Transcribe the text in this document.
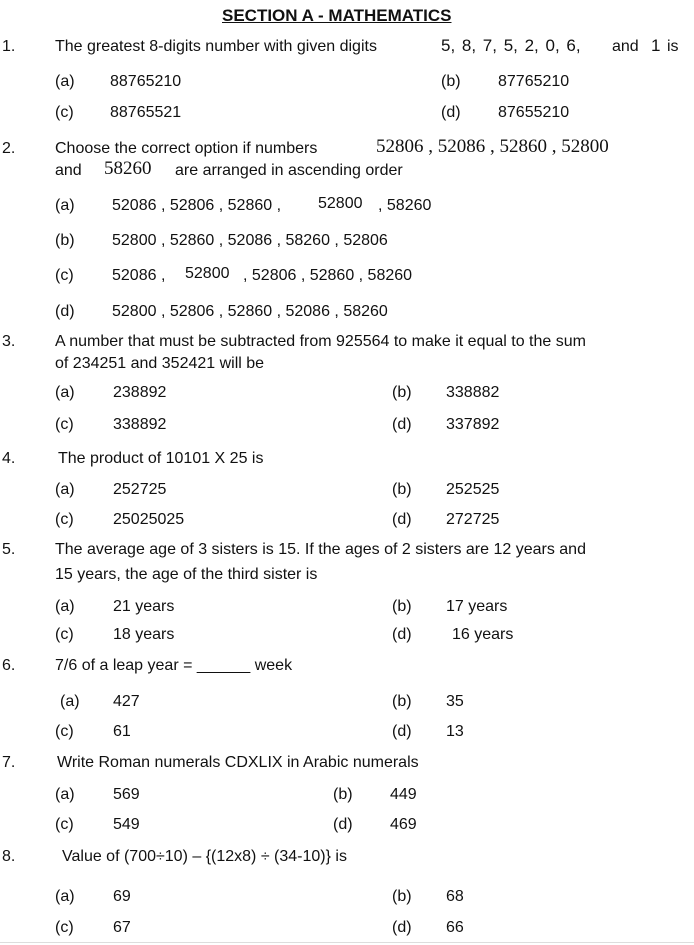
SECTION A - MATHEMATICS
1. The greatest 8-digits number with given digits	5, 8, 7, 5, 2, 0, 6, and 1 is
(a) 88765210	(b) 87765210
(c) 88765521	(d) 87655210
2. Choose the correct option if numbers	52806 , 52086 , 52860 , 52800
and 58260 are arranged in ascending order
(a) 52086 , 52806 , 52860 , 52800 , 58260
(b) 52800 , 52860 , 52086 , 58260 , 52806
(c) 52086 , 52800 , 52806 , 52860 , 58260
(d) 52800 , 52806 , 52860 , 52086 , 58260
3. A number that must be subtracted from 925564 to make it equal to the sum
of 234251 and 352421 will be
(a) 238892	(b) 338882
(c) 338892	(d) 337892
4.	The product of 10101 X 25 is
(a) 252725	(b) 252525
(c) 25025025	(d) 272725
5. The average age of 3 sisters is 15. If the ages of 2 sisters are 12 years and
15 years, the age of the third sister is
(a) 21 years	(b) 17 years
(c) 18 years	(d)	16 years
6. 7/6 of a leap year = ______ week
(a) 427	(b) 35
(c) 61	(d) 13
7.	Write Roman numerals CDXLIX in Arabic numerals
(a) 569	(b) 449
(c) 549	(d) 469
8.	Value of (700÷10) – {(12x8) ÷ (34-10)} is
(a) 69	(b) 68
(c) 67	(d) 66
